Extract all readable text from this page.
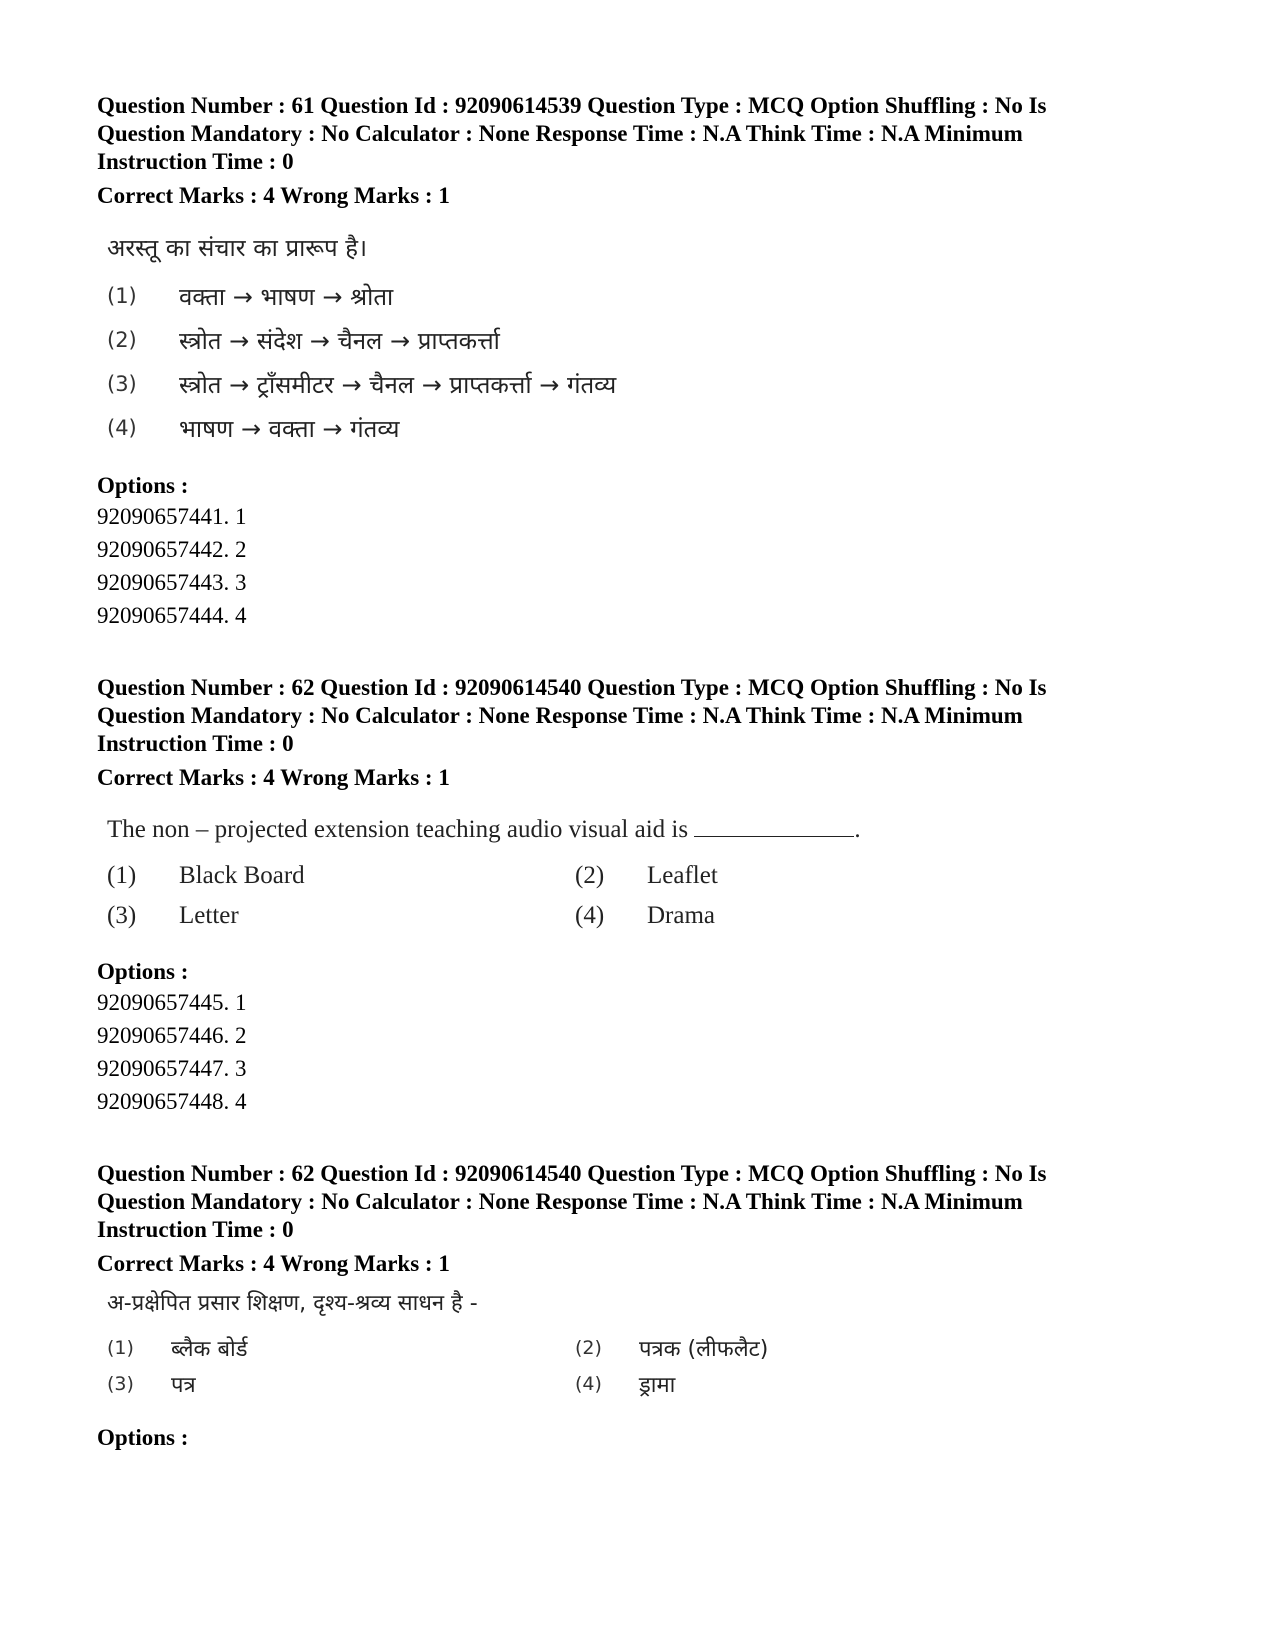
Question Number : 61 Question Id : 92090614539 Question Type : MCQ Option Shuffling : No Is

Question Mandatory : No Calculator : None Response Time : N.A Think Time : N.A Minimum

Instruction Time : 0

Correct Marks : 4 Wrong Marks : 1

अरस्तू का संचार का प्रारूप है।

(1)	वक्ता → भाषण → श्रोता
(2)	स्त्रोत → संदेश → चैनल → प्राप्तकर्त्ता
(3)	स्त्रोत → ट्राँसमीटर → चैनल → प्राप्तकर्त्ता → गंतव्य
(4)	भाषण → वक्ता → गंतव्य

Options :

92090657441. 1

92090657442. 2

92090657443. 3

92090657444. 4

Question Number : 62 Question Id : 92090614540 Question Type : MCQ Option Shuffling : No Is

Question Mandatory : No Calculator : None Response Time : N.A Think Time : N.A Minimum

Instruction Time : 0

Correct Marks : 4 Wrong Marks : 1

The non – projected extension teaching audio visual aid is	.

(1)	Black Board	(2)	Leaflet
(3)	Letter	(4)	Drama

Options :

92090657445. 1

92090657446. 2

92090657447. 3

92090657448. 4

Question Number : 62 Question Id : 92090614540 Question Type : MCQ Option Shuffling : No Is

Question Mandatory : No Calculator : None Response Time : N.A Think Time : N.A Minimum

Instruction Time : 0

Correct Marks : 4 Wrong Marks : 1

अ-प्रक्षेपित प्रसार शिक्षण, दृश्य-श्रव्य साधन है -

(1)	ब्लैक बोर्ड	(2)	पत्रक (लीफलैट)
(3)	पत्र	(4)	ड्रामा

Options :
